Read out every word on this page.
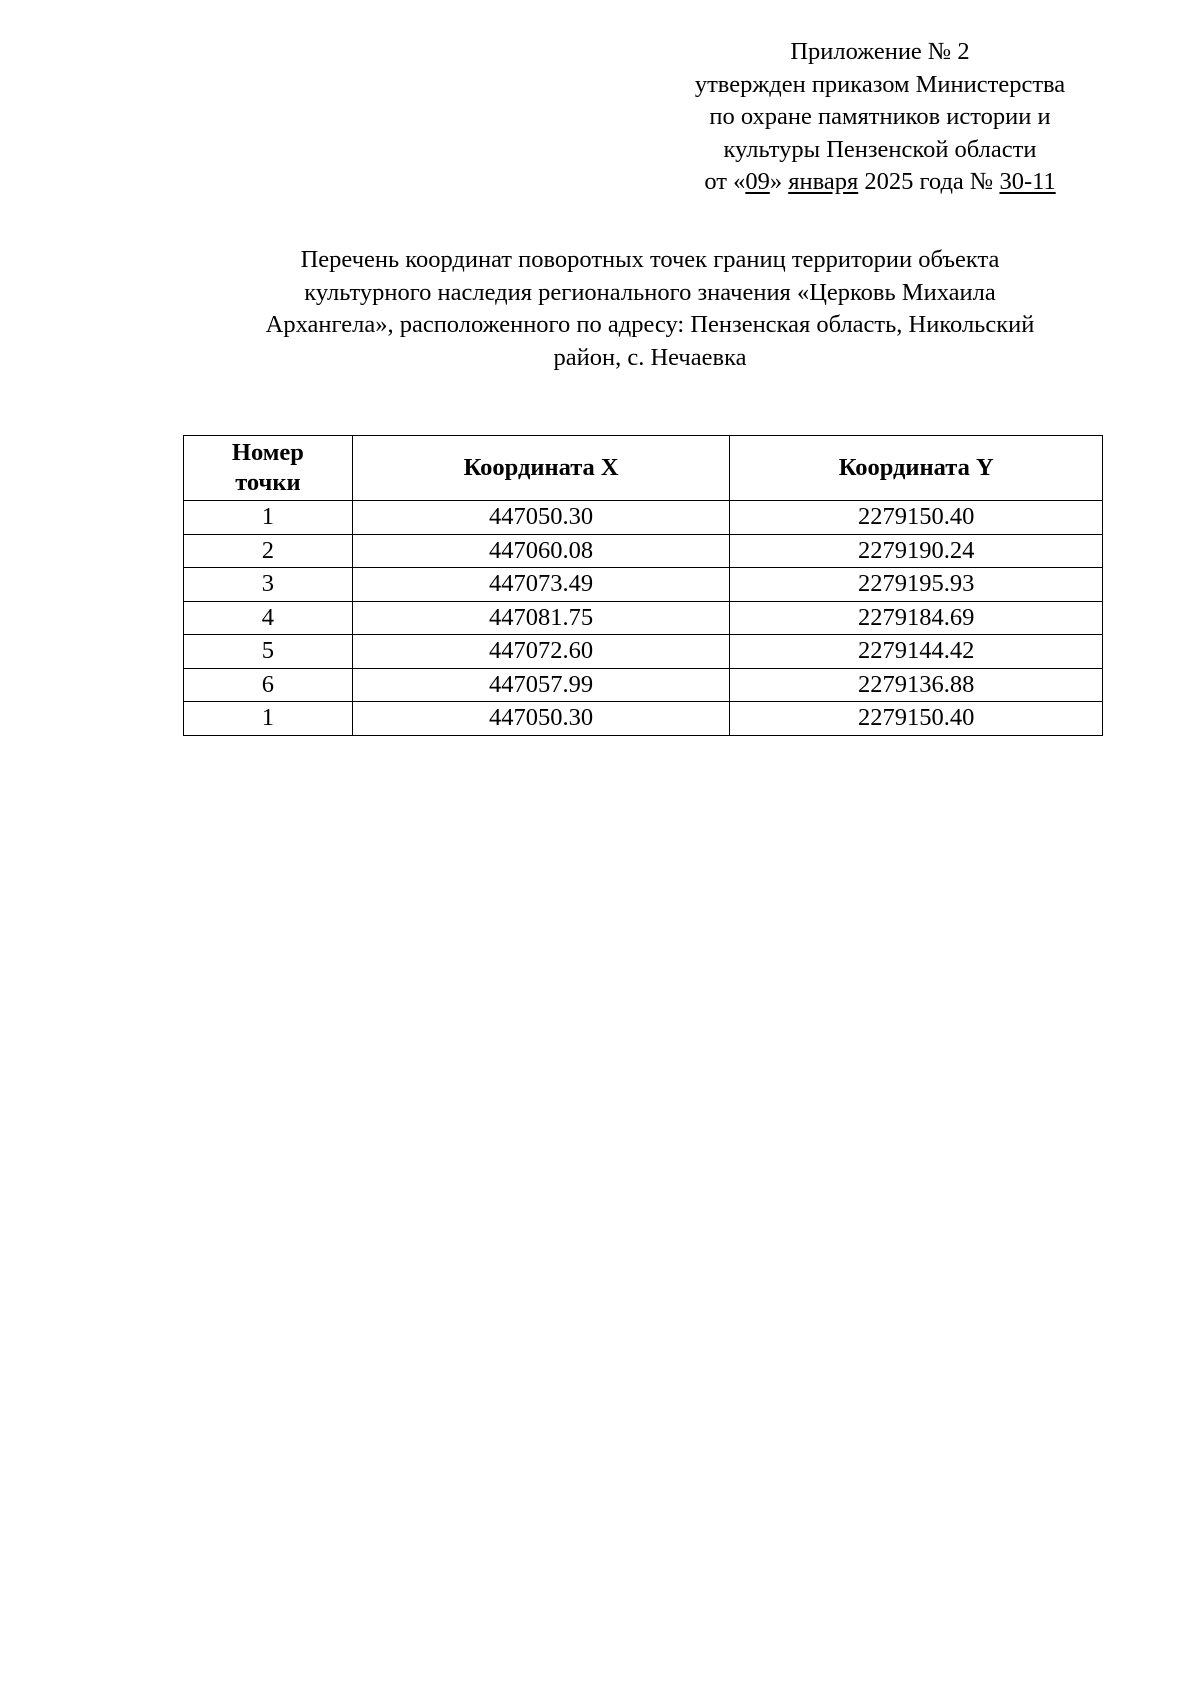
Приложение № 2
утвержден приказом Министерства
по охране памятников истории и
культуры Пензенской области
от «09» января 2025 года № 30-11
Перечень координат поворотных точек границ территории объекта
культурного наследия регионального значения «Церковь Михаила
Архангела», расположенного по адресу: Пензенская область, Никольский
район, с. Нечаевка
Номер
точки	Координата X	Координата Y
1	447050.30	2279150.40
2	447060.08	2279190.24
3	447073.49	2279195.93
4	447081.75	2279184.69
5	447072.60	2279144.42
6	447057.99	2279136.88
1	447050.30	2279150.40
